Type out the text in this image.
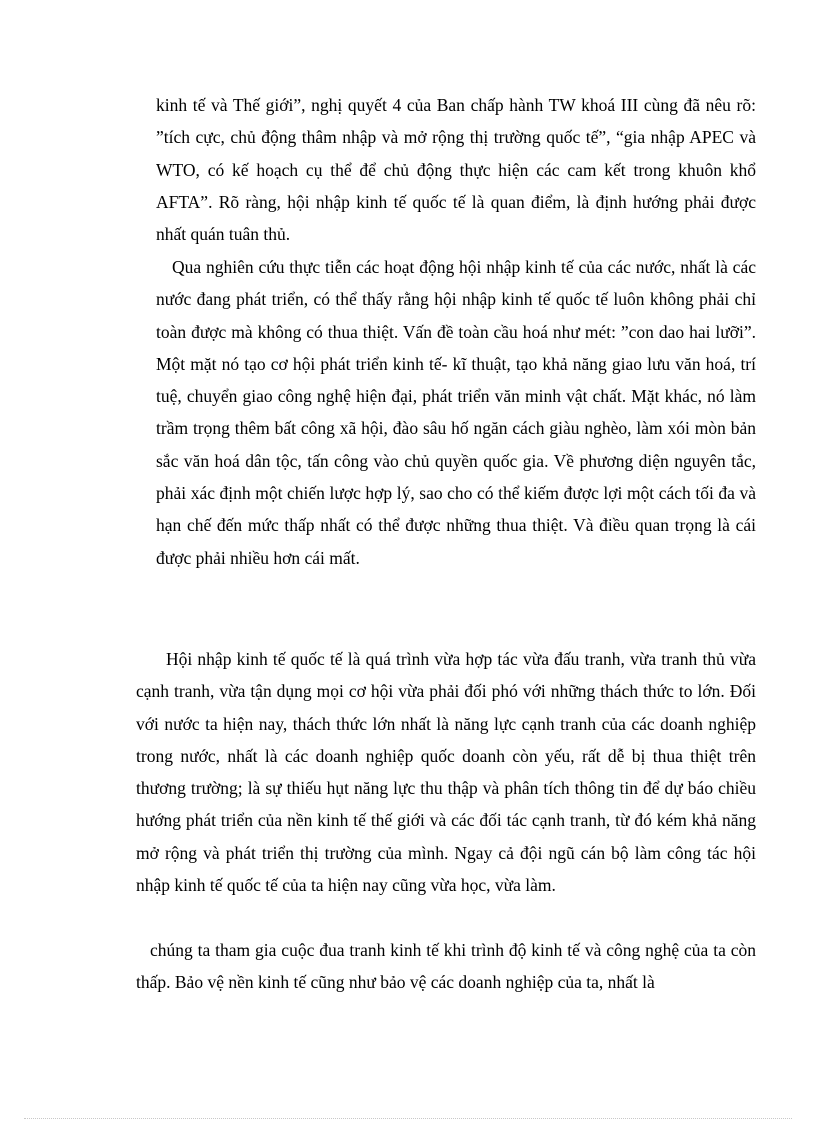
kinh tế và Thế giới”, nghị quyết 4 của Ban chấp hành TW khoá III cùng đã nêu rõ: ”tích cực, chủ động thâm nhập và mở rộng thị trường quốc tế”, “gia nhập APEC và WTO, có kế hoạch cụ thể để chủ động thực hiện các cam kết trong khuôn khổ AFTA”. Rõ ràng, hội nhập kinh tế quốc tế là quan điểm, là định hướng phải được nhất quán tuân thủ.

Qua nghiên cứu thực tiễn các hoạt động hội nhập kinh tế của các nước, nhất là các nước đang phát triển, có thể thấy rằng hội nhập kinh tế quốc tế luôn không phải chỉ toàn được mà không có thua thiệt. Vấn đề toàn cầu hoá như mét: ”con dao hai lưỡi”. Một mặt nó tạo cơ hội phát triển kinh tế- kĩ thuật, tạo khả năng giao lưu văn hoá, trí tuệ, chuyển giao công nghệ hiện đại, phát triển văn minh vật chất. Mặt khác, nó làm trầm trọng thêm bất công xã hội, đào sâu hố ngăn cách giàu nghèo, làm xói mòn bản sắc văn hoá dân tộc, tấn công vào chủ quyền quốc gia. Về phương diện nguyên tắc, phải xác định một chiến lược hợp lý, sao cho có thể kiếm được lợi một cách tối đa và hạn chế đến mức thấp nhất có thể được những thua thiệt. Và điều quan trọng là cái được phải nhiều hơn cái mất.

Hội nhập kinh tế quốc tế là quá trình vừa hợp tác vừa đấu tranh, vừa tranh thủ vừa cạnh tranh, vừa tận dụng mọi cơ hội vừa phải đối phó với những thách thức to lớn. Đối với nước ta hiện nay, thách thức lớn nhất là năng lực cạnh tranh của các doanh nghiệp trong nước, nhất là các doanh nghiệp quốc doanh còn yếu, rất dễ bị thua thiệt trên thương trường; là sự thiếu hụt năng lực thu thập và phân tích thông tin để dự báo chiều hướng phát triển của nền kinh tế thế giới và các đối tác cạnh tranh, từ đó kém khả năng mở rộng và phát triển thị trường của mình. Ngay cả đội ngũ cán bộ làm công tác hội nhập kinh tế quốc tế của ta hiện nay cũng vừa học, vừa làm.

chúng ta tham gia cuộc đua tranh kinh tế khi trình độ kinh tế và công nghệ của ta còn thấp. Bảo vệ nền kinh tế cũng như bảo vệ các doanh nghiệp của ta, nhất là
